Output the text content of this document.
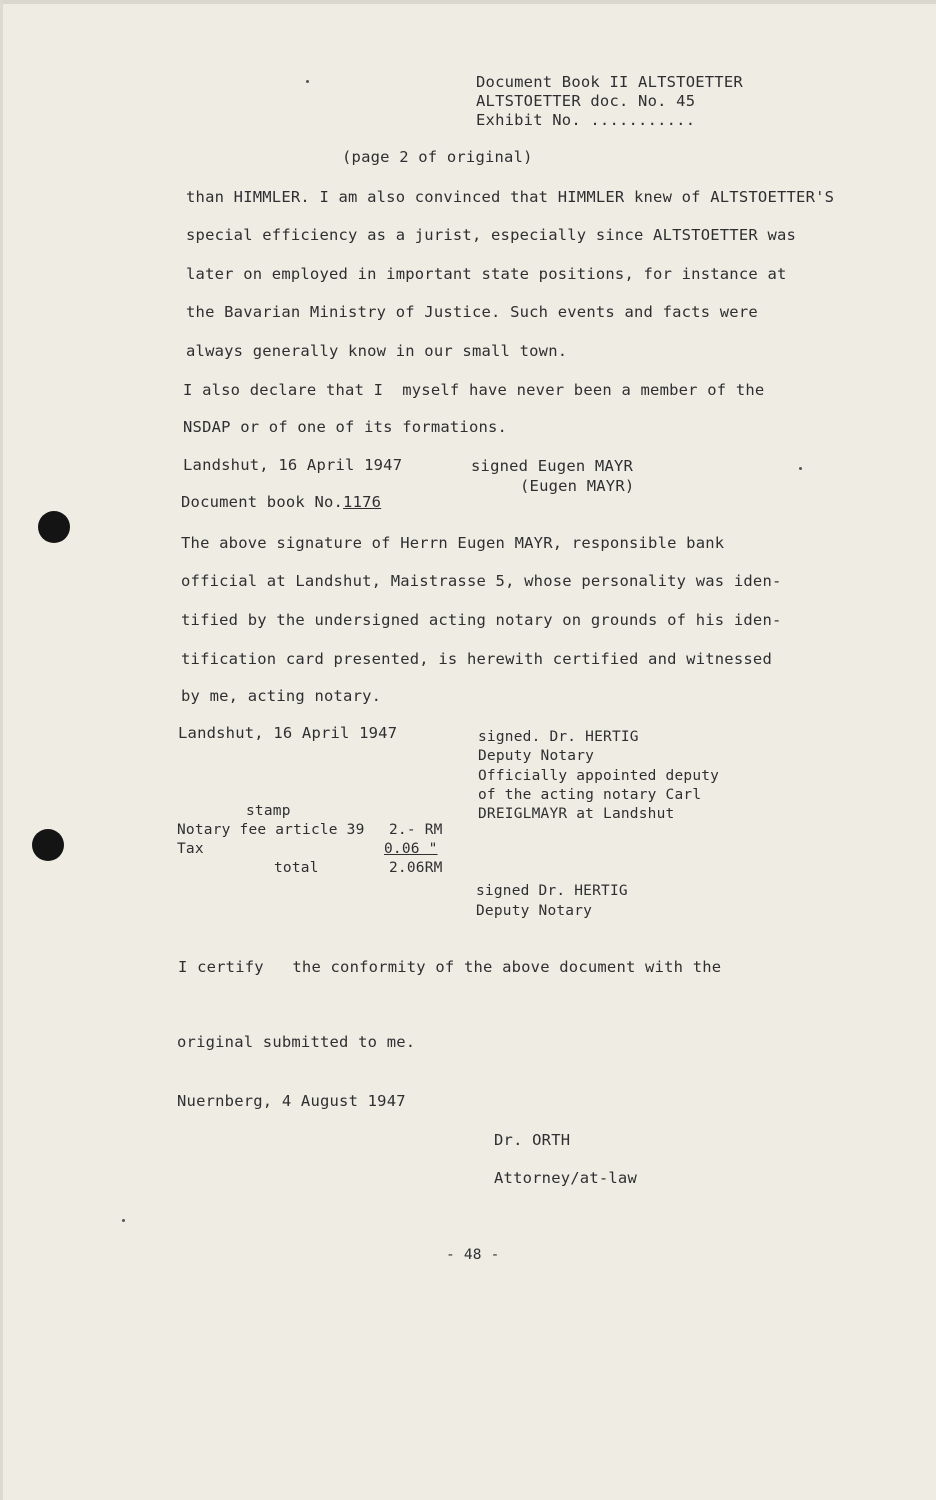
Document Book II ALTSTOETTER
ALTSTOETTER doc. No. 45
Exhibit No. ...........
(page 2 of original)
than HIMMLER. I am also convinced that HIMMLER knew of ALTSTOETTER'S
special efficiency as a jurist, especially since ALTSTOETTER was
later on employed in important state positions, for instance at
the Bavarian Ministry of Justice. Such events and facts were
always generally know in our small town.
I also declare that I  myself have never been a member of the
NSDAP or of one of its formations.
Landshut, 16 April 1947	signed Eugen MAYR
(Eugen MAYR)
Document book No.1176
The above signature of Herrn Eugen MAYR, responsible bank
official at Landshut, Maistrasse 5, whose personality was iden-
tified by the undersigned acting notary on grounds of his iden-
tification card presented, is herewith certified and witnessed
by me, acting notary.
Landshut, 16 April 1947	signed. Dr. HERTIG
Deputy Notary
Officially appointed deputy
of the acting notary Carl
DREIGLMAYR at Landshut
stamp
Notary fee article 39 2.- RM
Tax	0.06 "
total	2.06RM
signed Dr. HERTIG
Deputy Notary
I certify   the conformity of the above document with the
original submitted to me.
Nuernberg, 4 August 1947
Dr. ORTH
Attorney/at-law
- 48 -
